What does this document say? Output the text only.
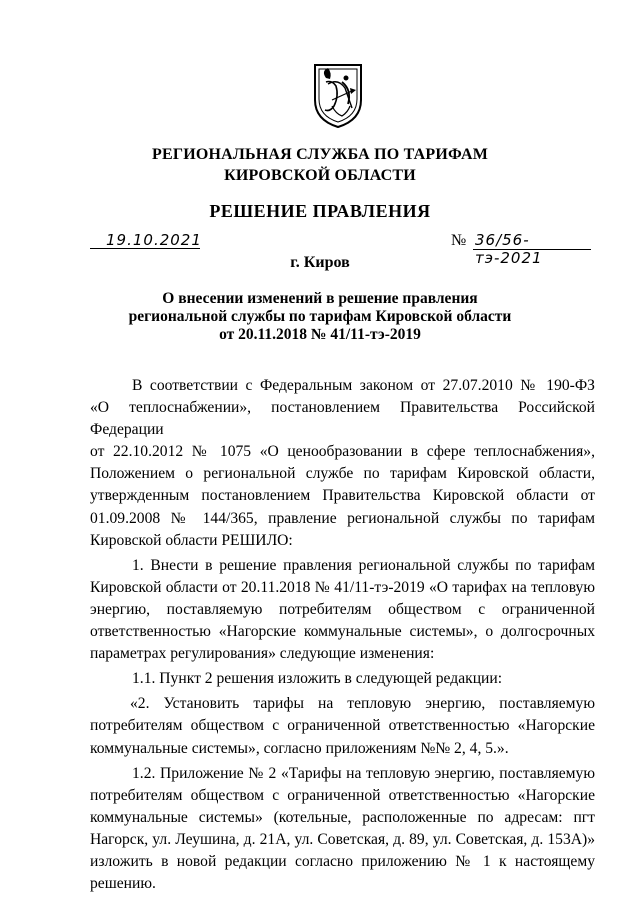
РЕГИОНАЛЬНАЯ СЛУЖБА ПО ТАРИФАМ
КИРОВСКОЙ ОБЛАСТИ
РЕШЕНИЕ ПРАВЛЕНИЯ
19.10.2021	№ 36/56-тэ-2021
г. Киров
О внесении изменений в решение правления
региональной службы по тарифам Кировской области
от 20.11.2018 № 41/11-тэ-2019

В соответствии с Федеральным законом от 27.07.2010 № 190-ФЗ

«О теплоснабжении», постановлением Правительства Российской Федерации

от 22.10.2012 № 1075 «О ценообразовании в сфере теплоснабжения»,

Положением о региональной службе по тарифам Кировской области,

утвержденным постановлением Правительства Кировской области от

01.09.2008 № 144/365, правление региональной службы по тарифам

Кировской области РЕШИЛО:

1. Внести в решение правления региональной службы по тарифам

Кировской области от 20.11.2018 № 41/11-тэ-2019 «О тарифах на тепловую

энергию, поставляемую потребителям обществом с ограниченной

ответственностью «Нагорские коммунальные системы», о долгосрочных

параметрах регулирования» следующие изменения:

1.1. Пункт 2 решения изложить в следующей редакции:

«2. Установить тарифы на тепловую энергию, поставляемую

потребителям обществом с ограниченной ответственностью «Нагорские

коммунальные системы», согласно приложениям №№ 2, 4, 5.».

1.2. Приложение № 2 «Тарифы на тепловую энергию, поставляемую

потребителям обществом с ограниченной ответственностью «Нагорские

коммунальные системы» (котельные, расположенные по адресам: пгт

Нагорск, ул. Леушина, д. 21А, ул. Советская, д. 89, ул. Советская, д. 153А)»

изложить в новой редакции согласно приложению № 1 к настоящему

решению.
